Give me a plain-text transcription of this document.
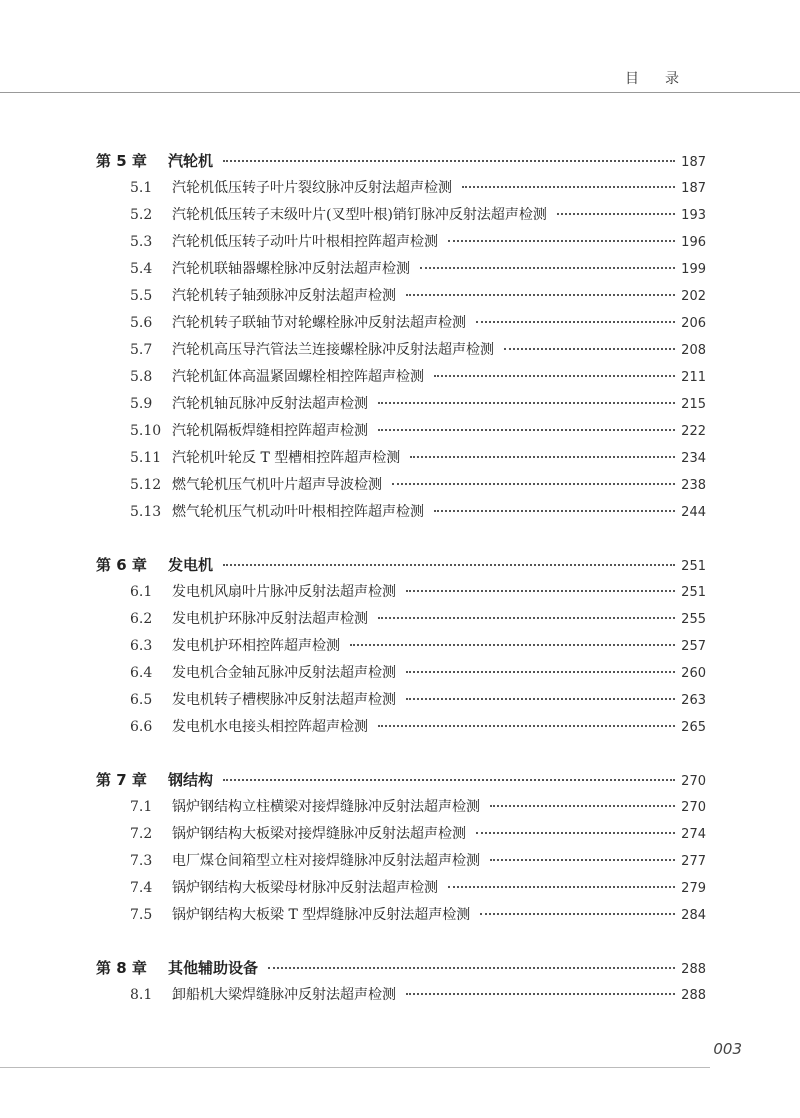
目录
第 5 章	汽轮机	187
5.1	汽轮机低压转子叶片裂纹脉冲反射法超声检测	187
5.2	汽轮机低压转子末级叶片(叉型叶根)销钉脉冲反射法超声检测	193
5.3	汽轮机低压转子动叶片叶根相控阵超声检测	196
5.4	汽轮机联轴器螺栓脉冲反射法超声检测	199
5.5	汽轮机转子轴颈脉冲反射法超声检测	202
5.6	汽轮机转子联轴节对轮螺栓脉冲反射法超声检测	206
5.7	汽轮机高压导汽管法兰连接螺栓脉冲反射法超声检测	208
5.8	汽轮机缸体高温紧固螺栓相控阵超声检测	211
5.9	汽轮机轴瓦脉冲反射法超声检测	215
5.10 汽轮机隔板焊缝相控阵超声检测	222
5.11 汽轮机叶轮反 T 型槽相控阵超声检测	234
5.12 燃气轮机压气机叶片超声导波检测	238
5.13 燃气轮机压气机动叶叶根相控阵超声检测	244
第 6 章	发电机	251
6.1	发电机风扇叶片脉冲反射法超声检测	251
6.2	发电机护环脉冲反射法超声检测	255
6.3	发电机护环相控阵超声检测	257
6.4	发电机合金轴瓦脉冲反射法超声检测	260
6.5	发电机转子槽楔脉冲反射法超声检测	263
6.6	发电机水电接头相控阵超声检测	265
第 7 章	钢结构	270
7.1	锅炉钢结构立柱横梁对接焊缝脉冲反射法超声检测	270
7.2	锅炉钢结构大板梁对接焊缝脉冲反射法超声检测	274
7.3	电厂煤仓间箱型立柱对接焊缝脉冲反射法超声检测	277
7.4	锅炉钢结构大板梁母材脉冲反射法超声检测	279
7.5	锅炉钢结构大板梁 T 型焊缝脉冲反射法超声检测	284
第 8 章	其他辅助设备	288
8.1	卸船机大梁焊缝脉冲反射法超声检测	288
003
